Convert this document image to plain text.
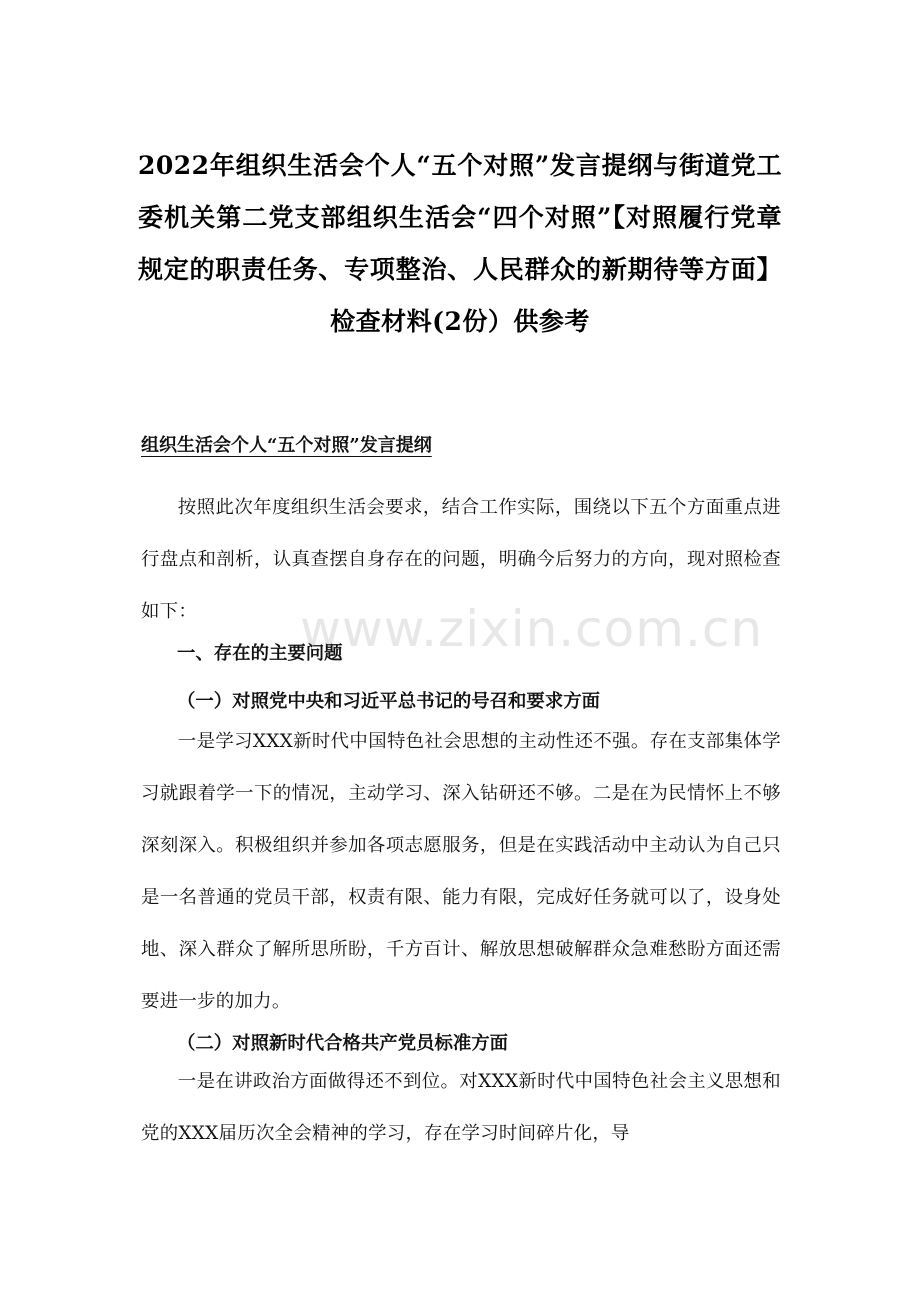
2022年组织生活会个人“五个对照”发言提纲与街道党工委机关第二党支部组织生活会“四个对照”【对照履行党章规定的职责任务、专项整治、人民群众的新期待等方面】检查材料(2份）供参考
组织生活会个人“五个对照”发言提纲

按照此次年度组织生活会要求，结合工作实际，围绕以下五个方面重点进行盘点和剖析，认真查摆自身存在的问题，明确今后努力的方向，现对照检查如下：

一、存在的主要问题
（一）对照党中央和习近平总书记的号召和要求方面

一是学习XXX新时代中国特色社会思想的主动性还不强。存在支部集体学习就跟着学一下的情况，主动学习、深入钻研还不够。二是在为民情怀上不够深刻深入。积极组织并参加各项志愿服务，但是在实践活动中主动认为自己只是一名普通的党员干部，权责有限、能力有限，完成好任务就可以了，设身处地、深入群众了解所思所盼，千方百计、解放思想破解群众急难愁盼方面还需要进一步的加力。

（二）对照新时代合格共产党员标准方面

一是在讲政治方面做得还不到位。对XXX新时代中国特色社会主义思想和党的XXX届历次全会精神的学习，存在学习时间碎片化，导

www.zixin.com.cn
